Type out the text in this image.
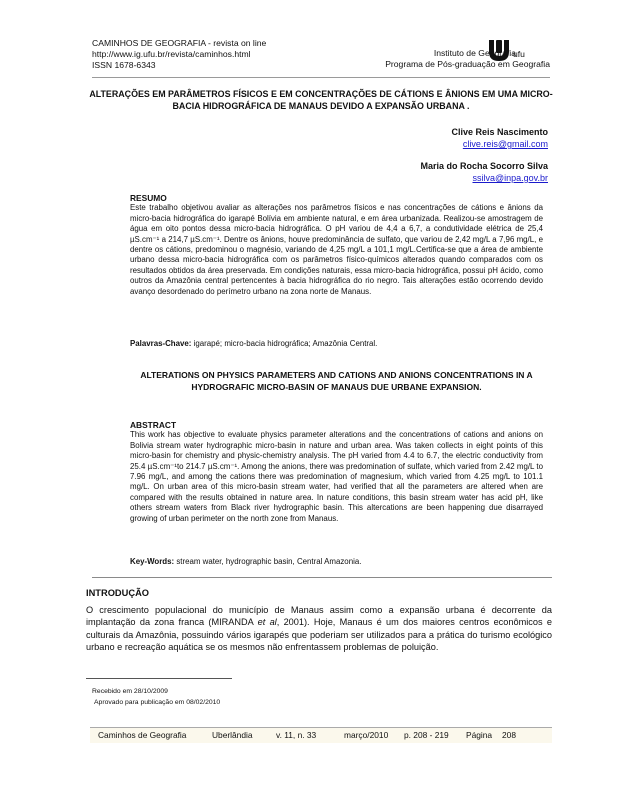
CAMINHOS DE GEOGRAFIA - revista on line
http://www.ig.ufu.br/revista/caminhos.html
ISSN 1678-6343
ufu
Instituto de Geografia
Programa de Pós-graduação em Geografia
ALTERAÇÕES EM PARÂMETROS FÍSICOS E EM CONCENTRAÇÕES DE CÁTIONS E ÂNIONS EM UMA MICRO-BACIA HIDROGRÁFICA DE MANAUS DEVIDO A EXPANSÃO URBANA .
Clive Reis Nascimento
clive.reis@gmail.com
Maria do Rocha Socorro Silva
ssilva@inpa.gov.br
RESUMO

Este trabalho objetivou avaliar as alterações nos parâmetros físicos e nas concentrações de cátions e ânions da micro-bacia hidrográfica do igarapé Bolívia em ambiente natural, e em área urbanizada. Realizou-se amostragem de água em oito pontos dessa micro-bacia hidrográfica. O pH variou de 4,4 a 6,7, a condutividade elétrica de 25,4 µS.cm⁻¹ a 214,7 µS.cm⁻¹. Dentre os ânions, houve predominância de sulfato, que variou de 2,42 mg/L a 7,96 mg/L, e dentre os cátions, predominou o magnésio, variando de 4,25 mg/L a 101,1 mg/L.Certifica-se que a área de ambiente urbano dessa micro-bacia hidrográfica com os parâmetros físico-químicos alterados quando comparados com os resultados obtidos da área preservada. Em condições naturais, essa micro-bacia hidrográfica, possui pH ácido, como outros da Amazônia central pertencentes à bacia hidrográfica do rio negro. Tais alterações estão ocorrendo devido avanço desordenado do perímetro urbano na zona norte de Manaus.

Palavras-Chave: igarapé; micro-bacia hidrográfica; Amazônia Central.
ALTERATIONS ON PHYSICS PARAMETERS AND CATIONS AND ANIONS CONCENTRATIONS IN A HYDROGRAFIC MICRO-BASIN OF MANAUS DUE URBANE EXPANSION.
ABSTRACT

This work has objective to evaluate physics parameter alterations and the concentrations of cations and anions on Bolivia stream water hydrographic micro-basin in nature and urban area. Was taken collects in eight points of this micro-basin for chemistry and physic-chemistry analysis. The pH varied from 4.4 to 6.7, the electric conductivity from 25.4 µS.cm⁻¹to 214.7 µS.cm⁻¹. Among the anions, there was predomination of sulfate, which varied from 2.42 mg/L to 7.96 mg/L, and among the cations there was predomination of magnesium, which varied from 4.25 mg/L to 101.1 mg/L. On urban area of this micro-basin stream water, had verified that all the parameters are altered when are compared with the results obtained in nature area. In nature conditions, this basin stream water has acid pH, like others stream waters from Black river hydrographic basin. This altercations are been happening due disarrayed growing of urban perimeter on the north zone from Manaus.

Key-Words: stream water, hydrographic basin, Central Amazonia.
INTRODUÇÃO
O crescimento populacional do município de Manaus assim como a expansão urbana é decorrente da implantação da zona franca (MIRANDA et al, 2001). Hoje, Manaus é um dos maiores centros econômicos e culturais da Amazônia, possuindo vários igarapés que poderiam ser utilizados para a prática do turismo ecológico urbano e recreação aquática se os mesmos não enfrentassem problemas de poluição.
Recebido em 28/10/2009
Aprovado para publicação em 08/02/2010
Caminhos de Geografia	Uberlândia	v. 11, n. 33	março/2010 p. 208 - 219 Página 208
